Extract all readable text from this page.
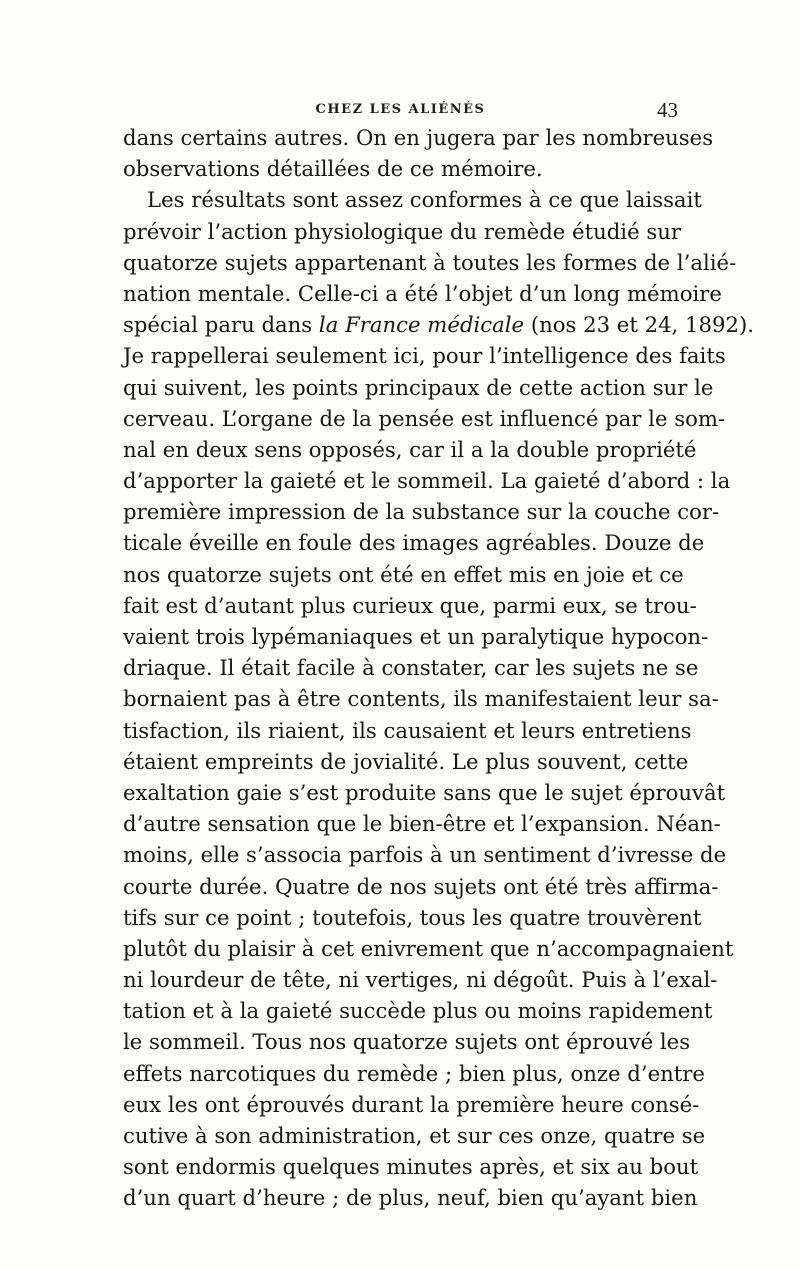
CHEZ LES ALIÉNÉS	43
dans certains autres. On en jugera par les nombreuses
observations détaillées de ce mémoire.
Les résultats sont assez conformes à ce que laissait
prévoir l’action physiologique du remède étudié sur
quatorze sujets appartenant à toutes les formes de l’alié-
nation mentale. Celle-ci a été l’objet d’un long mémoire
spécial paru dans la France médicale (nos 23 et 24, 1892).
Je rappellerai seulement ici, pour l’intelligence des faits
qui suivent, les points principaux de cette action sur le
cerveau. L’organe de la pensée est influencé par le som-
nal en deux sens opposés, car il a la double propriété
d’apporter la gaieté et le sommeil. La gaieté d’abord : la
première impression de la substance sur la couche cor-
ticale éveille en foule des images agréables. Douze de
nos quatorze sujets ont été en effet mis en joie et ce
fait est d’autant plus curieux que, parmi eux, se trou-
vaient trois lypémaniaques et un paralytique hypocon-
driaque. Il était facile à constater, car les sujets ne se
bornaient pas à être contents, ils manifestaient leur sa-
tisfaction, ils riaient, ils causaient et leurs entretiens
étaient empreints de jovialité. Le plus souvent, cette
exaltation gaie s’est produite sans que le sujet éprouvât
d’autre sensation que le bien-être et l’expansion. Néan-
moins, elle s’associa parfois à un sentiment d’ivresse de
courte durée. Quatre de nos sujets ont été très affirma-
tifs sur ce point ; toutefois, tous les quatre trouvèrent
plutôt du plaisir à cet enivrement que n’accompagnaient
ni lourdeur de tête, ni vertiges, ni dégoût. Puis à l’exal-
tation et à la gaieté succède plus ou moins rapidement
le sommeil. Tous nos quatorze sujets ont éprouvé les
effets narcotiques du remède ; bien plus, onze d’entre
eux les ont éprouvés durant la première heure consé-
cutive à son administration, et sur ces onze, quatre se
sont endormis quelques minutes après, et six au bout
d’un quart d’heure ; de plus, neuf, bien qu’ayant bien
